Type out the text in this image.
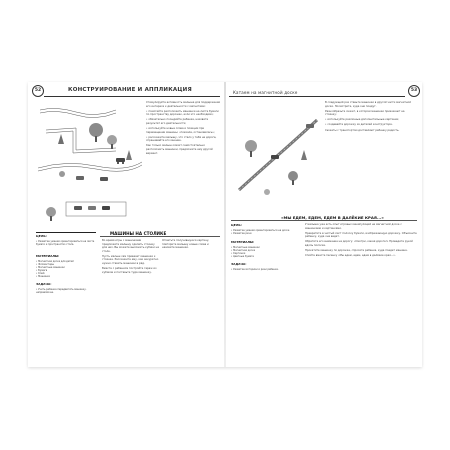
52	КОНСТРУИРОВАНИЕ И АППЛИКАЦИЯ

Стимулируйте активность малыша для поддержания его интереса к деятельности с магнитами:

• помогайте расположить машинки на листе бумаги по пространству дорожек, если это необходимо;

• обязательно поощряйте ребенка, назовите результат его деятельности;

• используйте новые слова и позиции при перемещении машины: «поехала, остановилась»;

• расскажите малышу, что стало у тебя на дороге, спрашивайте его мнение.

Как только малыш освоит самостоятельно расположить машинки, предложите ему другой вариант.

ЦЕЛЬ:
• Развитие умения ориентироваться на листе бумаги и пространство стола.
МАТЕРИАЛЫ:
• Магнитная доска для детей
• Фломастеры
• Магнитные машинки
• Бумага
• Клей
• Машинки
ЗАДАЧА:
• Учить ребенка передвигать машинку, направляя ее.
МАШИНЫ НА СТОЛИКЕ

Во время игры с машинками предложите малышу сделать стоянку для них. Вы можете выложить кубики на столе.

Пусть малыш сам привезет машинки к стоянке. Расскажите ему, как аккуратно нужно ставить машинки в ряд.

Вместе с ребенком постройте гараж из кубиков и поставьте туда машинку.

Отметьте получившуюся картину, повторите малышу новые слова и назовите машинки.

Катаем на магнитной доске	53

В следующий раз ставьте машинки в другой части магнитной доски. Посмотрите, куда они поедут.

Разнообразьте сюжет, в котором машинки приезжают на стоянку:

• используйте различные дополнительные картинки;

• создавайте дорожку из деталей конструктора.

Сюжеты с транспортом доставляют ребенку радость.

«МЫ ЕДЕМ, ЕДЕМ, ЕДЕМ В ДАЛЁКИЕ КРАЯ...»
ЦЕЛЬ:
• Развитие умения ориентироваться на доске
• Развитие речи
МАТЕРИАЛЫ:
• Магнитные машинки
• Магнитная доска
• Картинки
• Цветные бумага
ЗАДАЧА:
• Развитие моторики и речи ребенка.

У малыша уже есть опыт игровых манипуляций на магнитной доске с машинками и картинками.

Превратите в чистый лист полоску бумаги, изображающую дорожку. Объясните ребенку, куда она ведет.

Обратите его внимание на дорогу: «Смотри, какая дорога!» Проведите рукой вдоль полоски.

Прокатите машинку по дорожке, спросите ребенка, куда поедет машина.

Спойте вместе песенку «Мы едем, едем, едем в далёкие края...».
